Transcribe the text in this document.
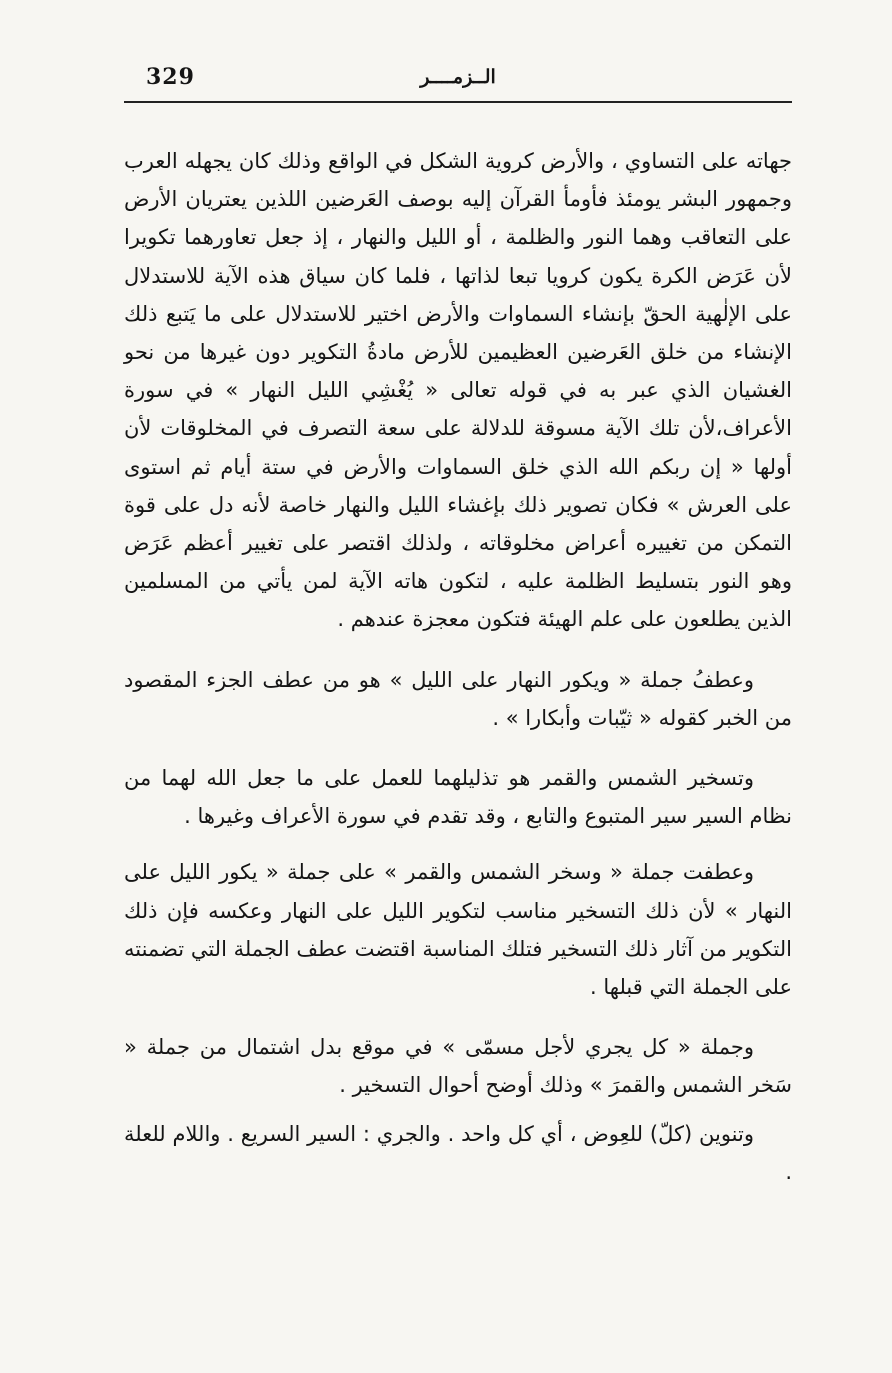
329	الــزمــــر

جهاته على التساوي ، والأرض كروية الشكل في الواقع وذلك كان يجهله العرب وجمهور البشر يومئذ فأومأ القرآن إليه بوصف العَرضين اللذين يعتريان الأرض على التعاقب وهما النور والظلمة ، أو الليل والنهار ، إذ جعل تعاورهما تكويرا لأن عَرَض الكرة يكون كرويا تبعا لذاتها ، فلما كان سياق هذه الآية للاستدلال على الإلٰهية الحقّ بإنشاء السماوات والأرض اختير للاستدلال على ما يَتبع ذلك الإنشاء من خلق العَرضين العظيمين للأرض مادةُ التكوير دون غيرها من نحو الغشيان الذي عبر به في قوله تعالى « يُغْشِي الليل النهار » في سورة الأعراف،لأن تلك الآية مسوقة للدلالة على سعة التصرف في المخلوقات لأن أولها « إن ربكم الله الذي خلق السماوات والأرض في ستة أيام ثم استوى على العرش » فكان تصوير ذلك بإغشاء الليل والنهار خاصة لأنه دل على قوة التمكن من تغييره أعراض مخلوقاته ، ولذلك اقتصر على تغيير أعظم عَرَض وهو النور بتسليط الظلمة عليه ، لتكون هاته الآية لمن يأتي من المسلمين الذين يطلعون على علم الهيئة فتكون معجزة عندهم .

وعطفُ جملة « ويكور النهار على الليل » هو من عطف الجزء المقصود من الخبر كقوله « ثيّبات وأبكارا » .

وتسخير الشمس والقمر هو تذليلهما للعمل على ما جعل الله لهما من نظام السير سير المتبوع والتابع ، وقد تقدم في سورة الأعراف وغيرها .

وعطفت جملة « وسخر الشمس والقمر » على جملة « يكور الليل على النهار » لأن ذلك التسخير مناسب لتكوير الليل على النهار وعكسه فإن ذلك التكوير من آثار ذلك التسخير فتلك المناسبة اقتضت عطف الجملة التي تضمنته على الجملة التي قبلها .

وجملة « كل يجري لأجل مسمّى » في موقع بدل اشتمال من جملة « سَخر الشمس والقمرَ » وذلك أوضح أحوال التسخير .

وتنوين (كلّ) للعِوض ، أي كل واحد . والجري : السير السريع . واللام للعلة .
